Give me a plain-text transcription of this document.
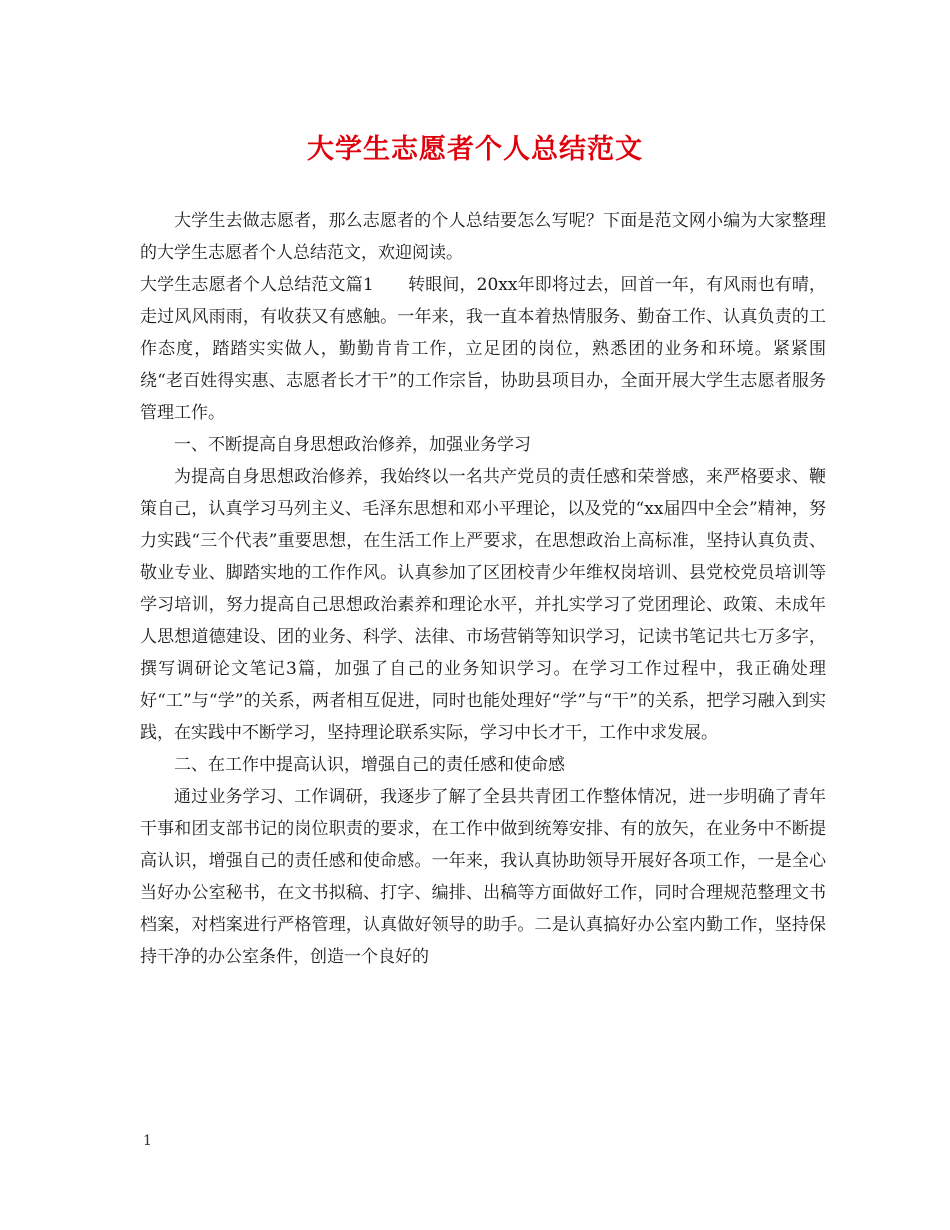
大学生志愿者个人总结范文

大学生去做志愿者，那么志愿者的个人总结要怎么写呢？下面是范文网小编为大家整理的大学生志愿者个人总结范文，欢迎阅读。

大学生志愿者个人总结范文篇1　　转眼间，20xx年即将过去，回首一年，有风雨也有晴，走过风风雨雨，有收获又有感触。一年来，我一直本着热情服务、勤奋工作、认真负责的工作态度，踏踏实实做人，勤勤肯肯工作，立足团的岗位，熟悉团的业务和环境。紧紧围绕“老百姓得实惠、志愿者长才干”的工作宗旨，协助县项目办，全面开展大学生志愿者服务管理工作。

一、不断提高自身思想政治修养，加强业务学习

为提高自身思想政治修养，我始终以一名共产党员的责任感和荣誉感，来严格要求、鞭策自己，认真学习马列主义、毛泽东思想和邓小平理论，以及党的“xx届四中全会”精神，努力实践“三个代表”重要思想，在生活工作上严要求，在思想政治上高标准，坚持认真负责、敬业专业、脚踏实地的工作作风。认真参加了区团校青少年维权岗培训、县党校党员培训等学习培训，努力提高自己思想政治素养和理论水平，并扎实学习了党团理论、政策、未成年人思想道德建设、团的业务、科学、法律、市场营销等知识学习，记读书笔记共七万多字，撰写调研论文笔记3篇，加强了自己的业务知识学习。在学习工作过程中，我正确处理好“工”与“学”的关系，两者相互促进，同时也能处理好“学”与“干”的关系，把学习融入到实践，在实践中不断学习，坚持理论联系实际，学习中长才干，工作中求发展。

二、在工作中提高认识，增强自己的责任感和使命感

通过业务学习、工作调研，我逐步了解了全县共青团工作整体情况，进一步明确了青年干事和团支部书记的岗位职责的要求，在工作中做到统筹安排、有的放矢，在业务中不断提高认识，增强自己的责任感和使命感。一年来，我认真协助领导开展好各项工作，一是全心当好办公室秘书，在文书拟稿、打字、编排、出稿等方面做好工作，同时合理规范整理文书档案，对档案进行严格管理，认真做好领导的助手。二是认真搞好办公室内勤工作，坚持保持干净的办公室条件，创造一个良好的

1
